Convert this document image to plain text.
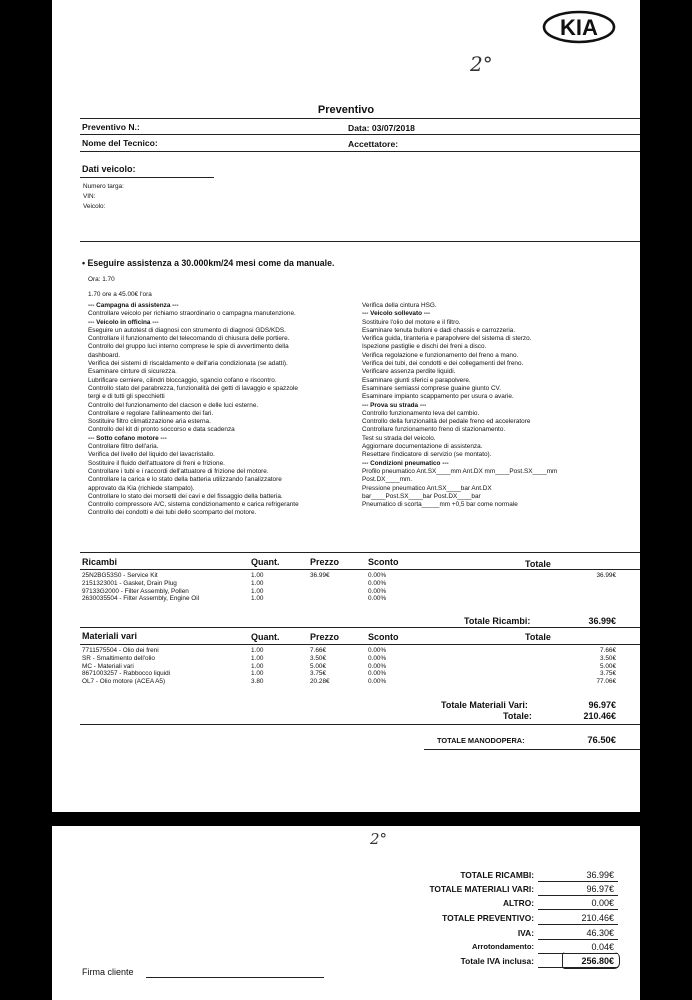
KIA
2°
Preventivo
Preventivo N.:	Data: 03/07/2018
Nome del Tecnico:	Accettatore:
Dati veicolo:
Numero targa:
VIN:
Veicolo:
• Eseguire assistenza a 30.000km/24 mesi come da manuale.
Ora: 1.70
1.70 ore a 45.00€ l'ora
--- Campagna di assistenza ---
Controllare veicolo per richiamo straordinario o campagna manutenzione.
--- Veicolo in officina ---
Eseguire un autotest di diagnosi con strumento di diagnosi GDS/KDS.
Controllare il funzionamento del telecomando di chiusura delle portiere.
Controllo del gruppo luci interno comprese le spie di avvertimento della
dashboard.
Verifica dei sistemi di riscaldamento e dell'aria condizionata (se adatti).
Esaminare cinture di sicurezza.
Lubrificare cerniere, cilindri bloccaggio, sgancio cofano e riscontro.
Controllo stato del parabrezza, funzionalità dei getti di lavaggio e spazzole
tergi e di tutti gli specchietti
Controllo del funzionamento del clacson e delle luci esterne.
Controllare e regolare l'allineamento dei fari.
Sostituire filtro climatizzazione aria esterna.
Controllo del kit di pronto soccorso e data scadenza
--- Sotto cofano motore ---
Controllare filtro dell'aria.
Verifica del livello del liquido del lavacristallo.
Sostituire il fluido dell'attuatore di freni e frizione.
Controllare i tubi e i raccordi dell'attuatore di frizione del motore.
Controllare la carica e lo stato della batteria utilizzando l'analizzatore
approvato da Kia (richiede stampato).
Controllare lo stato dei morsetti dei cavi e del fissaggio della batteria.
Controllo compressore A/C, sistema condizionamento e carica refrigerante
Controllo dei condotti e dei tubi dello scomparto del motore.
Verifica della cintura HSG.
--- Veicolo sollevato ---
Sostituire l'olio del motore e il filtro.
Esaminare tenuta bulloni e dadi chassis e carrozzeria.
Verifica guida, tiranteria e parapolvere del sistema di sterzo.
Ispezione pastiglie e dischi dei freni a disco.
Verifica regolazione e funzionamento del freno a mano.
Verifica dei tubi, dei condotti e dei collegamenti del freno.
Verificare assenza perdite liquidi.
Esaminare giunti sferici e parapolvere.
Esaminare semiassi comprese guaine giunto CV.
Esaminare impianto scappamento per usura o avarie.
--- Prova su strada ---
Controllo funzionamento leva del cambio.
Controllo della funzionalità del pedale freno ed acceleratore
Controllare funzionamento freno di stazionamento.
Test su strada del veicolo.
Aggiornare documentazione di assistenza.
Resettare l'indicatore di servizio (se montato).
--- Condizioni pneumatico ---
Profilo pneumatico Ant.SX____mm Ant.DX mm____Post.SX____mm
Post.DX____mm.
Pressione pneumatico Ant.SX____bar Ant.DX
bar____Post.SX____bar Post.DX____bar
Pneumatico di scorta_____mm +0,5 bar come normale
Ricambi	Quant.	Prezzo	Sconto	Totale
25N2BG53S0 - Service Kit	1.00	36.99€	0.00%	36.99€
2151323001 - Gasket, Drain Plug	1.00		0.00%	
97133G2000 - Filter Assembly, Pollen	1.00		0.00%	
2630035504 - Filter Assembly, Engine Oil	1.00		0.00%	
Totale Ricambi:	36.99€
Materiali vari	Quant.	Prezzo	Sconto	Totale
7711575504 - Olio dei freni	1.00	7.66€	0.00%	7.66€
SR - Smaltimento dell'olio	1.00	3.50€	0.00%	3.50€
MC - Materiali vari	1.00	5.00€	0.00%	5.00€
8671003257 - Rabbocco liquidi	1.00	3.75€	0.00%	3.75€
OL7 - Olio motore (ACEA A5)	3.80	20.28€	0.00%	77.06€
Totale Materiali Vari:	96.97€
Totale:	210.46€
TOTALE MANODOPERA:	76.50€
2°
TOTALE RICAMBI:	36.99€
TOTALE MATERIALI VARI:	96.97€
ALTRO:	0.00€
TOTALE PREVENTIVO:	210.46€
IVA:	46.30€
Arrotondamento:	0.04€
Totale IVA inclusa:	256.80€
Firma cliente
